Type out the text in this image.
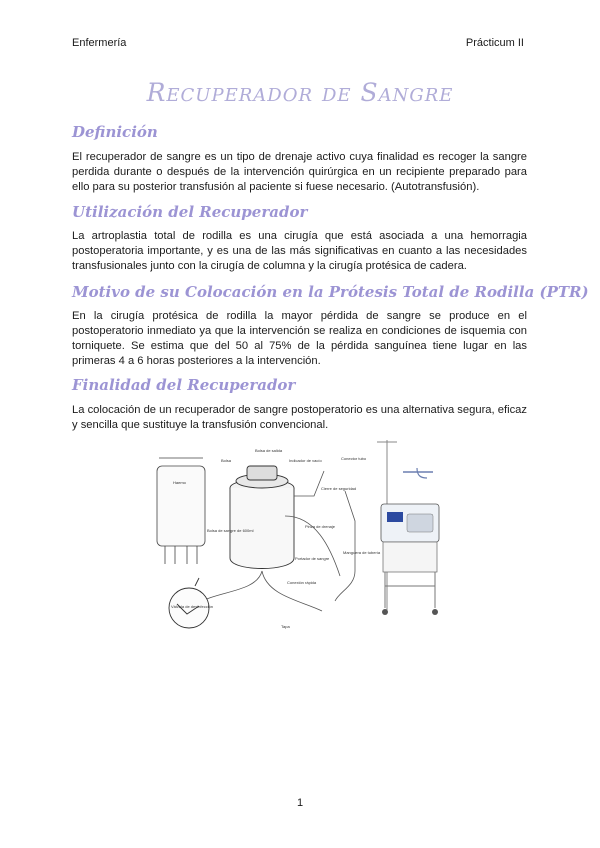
Enfermería	Prácticum II
Recuperador de Sangre
Definición
El recuperador de sangre es un tipo de drenaje activo cuya finalidad es recoger la sangre perdida durante o después de la intervención quirúrgica en un recipiente preparado para ello para su posterior transfusión al paciente si fuese necesario. (Autotransfusión).
Utilización del Recuperador
La artroplastia total de rodilla es una cirugía que está asociada a una hemorragia postoperatoria importante, y es una de las más significativas en cuanto a las necesidades transfusionales junto con la cirugía de columna y la cirugía protésica de cadera.
Motivo de su Colocación en la Prótesis Total de Rodilla (PTR)
En la cirugía protésica de rodilla la mayor pérdida de sangre se produce en el postoperatorio inmediato ya que la intervención se realiza en condiciones de isquemia con torniquete. Se estima que del 50 al 75% de la pérdida sanguínea tiene lugar en las primeras 4 a 6 horas posteriores a la intervención.
Finalidad del Recuperador
La colocación de un recuperador de sangre postoperatorio es una alternativa segura, eficaz y sencilla que sustituye la transfusión convencional.
Haemo
Bolsa
Bolsa de salida
Indicador de vacío	Conector tubo
Bolsa de sangre de 600ml
Cierre de seguridad
Pinza de drenaje
Portador de sangre
Manguera de tubería
Conexión rápida
Tapa
Válvula de desinfección
1
